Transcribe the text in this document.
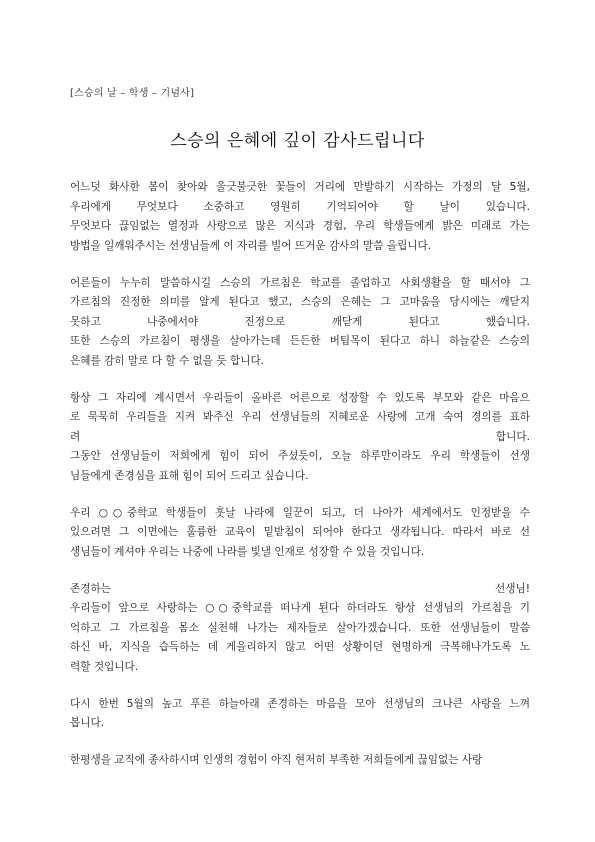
[스승의 날 – 학생 – 기념사]
스승의 은혜에 깊이 감사드립니다
어느덧 화사한 봄이 찾아와 울긋불긋한 꽃들이 거리에 만발하기 시작하는 가정의 달 5월,
우리에게 무엇보다 소중하고 영원히 기억되어야 할 날이 있습니다.
무엇보다 끊임없는 열정과 사랑으로 많은 지식과 경험, 우리 학생들에게 밝은 미래로 가는
방법을 일깨워주시는 선생님들께 이 자리를 빌어 뜨거운 감사의 말씀 올립니다.
어른들이 누누히 말씀하시길 스승의 가르침은 학교를 졸업하고 사회생활을 할 때서야 그
가르침의 진정한 의미를 알게 된다고 했고, 스승의 은혜는 그 고마움을 당시에는 깨닫지
못하고 나중에서야 진정으로 깨닫게 된다고 했습니다.
또한 스승의 가르침이 평생을 살아가는데 든든한 버팀목이 된다고 하니 하늘같은 스승의
은혜를 감히 말로 다 할 수 없을 듯 합니다.
항상 그 자리에 계시면서 우리들이 올바른 어른으로 성장할 수 있도록 부모와 같은 마음으
로 묵묵히 우리들을 지켜 봐주신 우리 선생님들의 지혜로운 사랑에 고개 숙여 경의를 표하
려 합니다.
그동안 선생님들이 저희에게 힘이 되어 주셨듯이, 오늘 하루만이라도 우리 학생들이 선생
님들에게 존경심을 표해 힘이 되어 드리고 싶습니다.
우리 ○○중학교 학생들이 훗날 나라에 일꾼이 되고, 더 나아가 세계에서도 인정받을 수
있으려면 그 이면에는 훌륭한 교육이 밑받침이 되어야 한다고 생각됩니다. 따라서 바로 선
생님들이 계셔야 우리는 나중에 나라를 빛낼 인재로 성장할 수 있을 것입니다.
존경하는 선생님!
우리들이 앞으로 사랑하는 ○○중학교를 떠나게 된다 하더라도 항상 선생님의 가르침을 기
억하고 그 가르침을 몸소 실천해 나가는 제자들로 살아가겠습니다. 또한 선생님들이 말씀
하신 바, 지식을 습득하는 데 게을리하지 않고 어떤 상황이던 현명하게 극복해나가도록 노
력할 것입니다.
다시 한번 5월의 높고 푸른 하늘아래 존경하는 마음을 모아 선생님의 크나큰 사랑을 느껴
봅니다.
한평생을 교직에 종사하시며 인생의 경험이 아직 현저히 부족한 저희들에게 끊임없는 사랑
